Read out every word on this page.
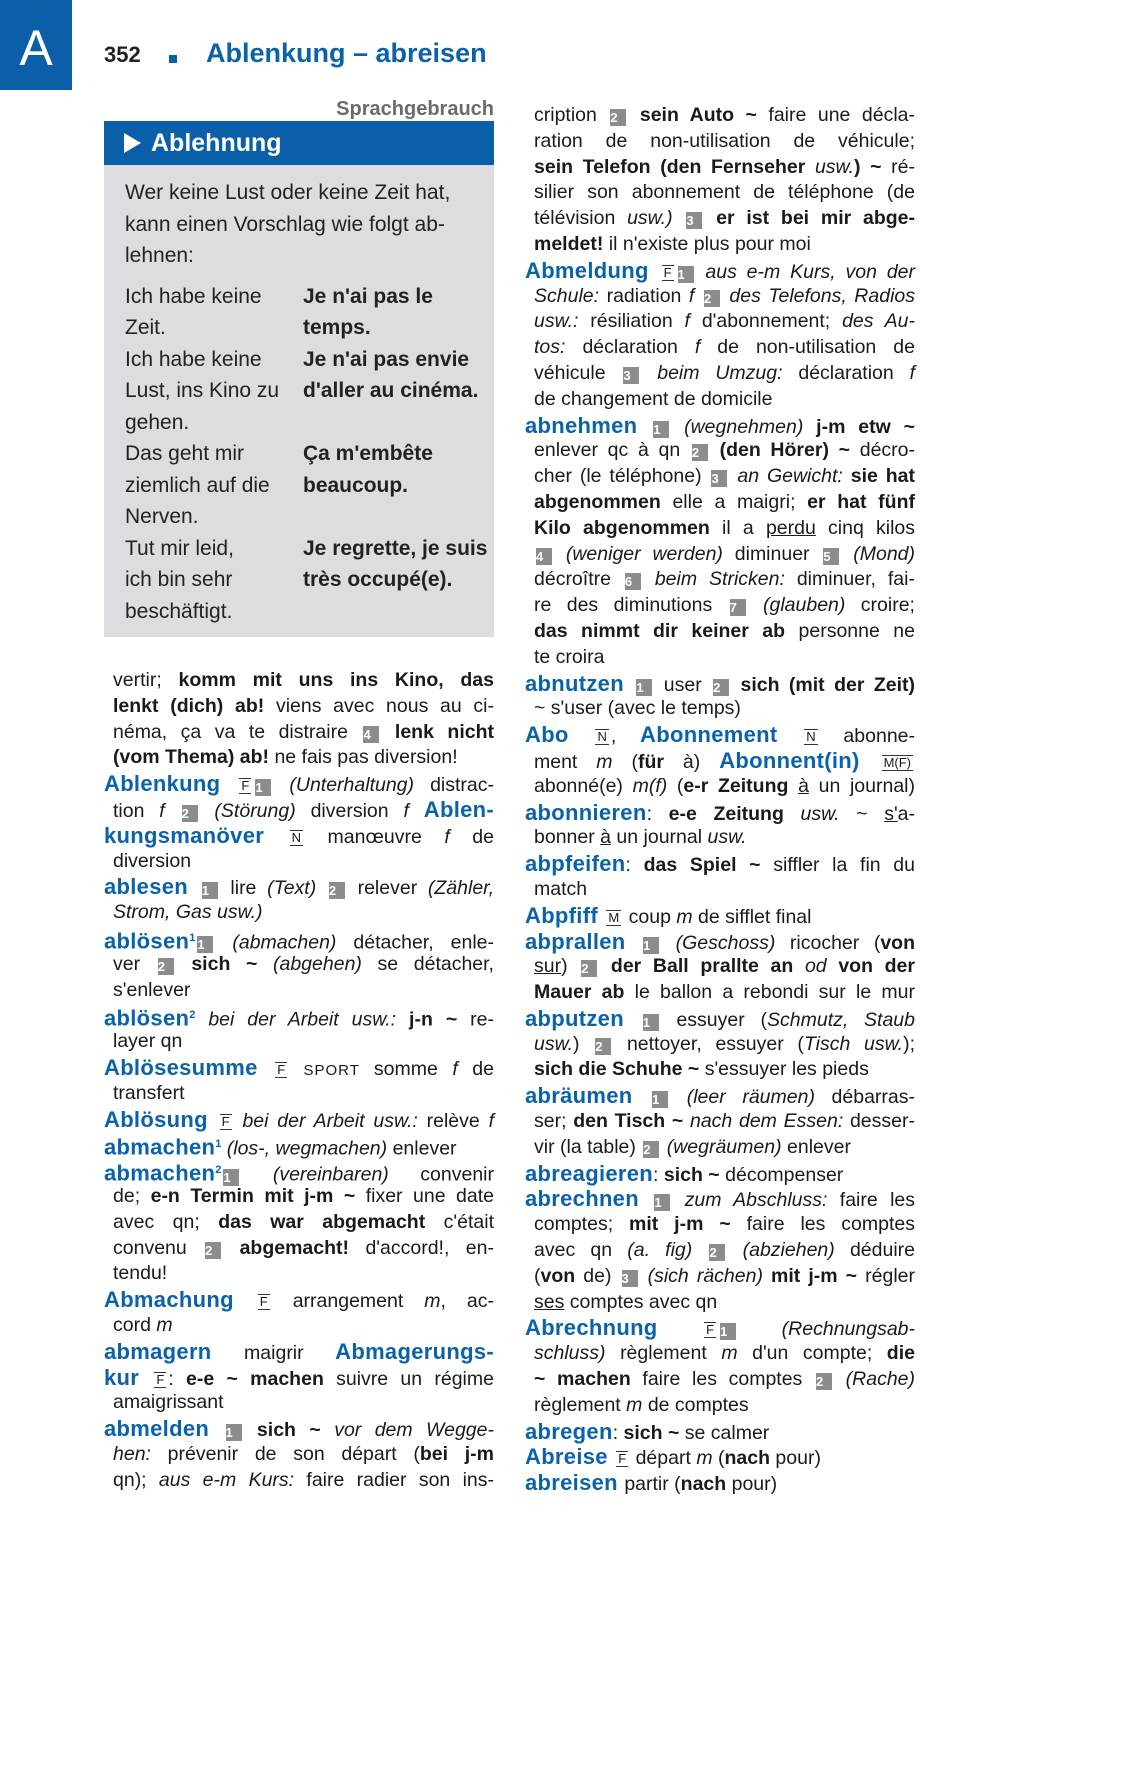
A	352 Ablenkung – abreisen
Sprachgebrauch
Ablehnung
Wer keine Lust oder keine Zeit hat,
kann einen Vorschlag wie folgt ab-
lehnen:
Ich habe keine
Zeit.
Je n'ai pas le
temps.
Ich habe keine
Lust, ins Kino zu
gehen.
Je n'ai pas envie
d'aller au cinéma.
Das geht mir
ziemlich auf die
Nerven.
Ça m'embête
beaucoup.
Tut mir leid,
ich bin sehr
beschäftigt.
Je regrette, je suis
très occupé(e).
vertir; komm mit uns ins Kino, das
lenkt (dich) ab! viens avec nous au ci-
néma, ça va te distraire 4 lenk nicht
(vom Thema) ab! ne fais pas diversion!
Ablenkung F 1 (Unterhaltung) distrac-
tion f 2 (Störung) diversion f Ablen-
kungsmanöver N manœuvre f de
diversion
ablesen 1 lire (Text) 2 relever (Zähler,
Strom, Gas usw.)
ablösen$^1$ 1 (abmachen) détacher, enle-
ver 2 sich ~ (abgehen) se détacher,
s'enlever
ablösen$^2$ bei der Arbeit usw.: j-n ~ re-
layer qn
Ablösesumme F SPORT somme f de
transfert
Ablösung F bei der Arbeit usw.: relève f
abmachen$^1$ (los-, wegmachen) enlever
abmachen$^2$ 1 (vereinbaren) convenir
de; e-n Termin mit j-m ~ fixer une date
avec qn; das war abgemacht c'était
convenu 2 abgemacht! d'accord!, en-
tendu!
Abmachung F arrangement m, ac-
cord m
abmagern maigrir Abmagerungs-
kur F : e-e ~ machen suivre un régime
amaigrissant
abmelden 1 sich ~ vor dem Wegge-
hen: prévenir de son départ (bei j-m
qn); aus e-m Kurs: faire radier son ins-
cription 2 sein Auto ~ faire une décla-
ration de non-utilisation de véhicule;
sein Telefon (den Fernseher usw.) ~ ré-
silier son abonnement de téléphone (de
télévision usw.) 3 er ist bei mir abge-
meldet! il n'existe plus pour moi
Abmeldung F 1 aus e-m Kurs, von der
Schule: radiation f 2 des Telefons, Radios
usw.: résiliation f d'abonnement; des Au-
tos: déclaration f de non-utilisation de
véhicule 3 beim Umzug: déclaration f
de changement de domicile
abnehmen 1 (wegnehmen) j-m etw ~
enlever qc à qn 2 (den Hörer) ~ décro-
cher (le téléphone) 3 an Gewicht: sie hat
abgenommen elle a maigri; er hat fünf
Kilo abgenommen il a perdu cinq kilos
4 (weniger werden) diminuer 5 (Mond)
décroître 6 beim Stricken: diminuer, fai-
re des diminutions 7 (glauben) croire;
das nimmt dir keiner ab personne ne
te croira
abnutzen 1 user 2 sich (mit der Zeit)
~ s'user (avec le temps)
Abo N , Abonnement N abonne-
ment m (für à) Abonnent(in) M(F)
abonné(e) m(f) (e-r Zeitung à un journal)
abonnieren: e-e Zeitung usw. ~ s'a-
bonner à un journal usw.
abpfeifen: das Spiel ~ siffler la fin du
match
Abpfiff M coup m de sifflet final
abprallen 1 (Geschoss) ricocher (von
sur) 2 der Ball prallte an od von der
Mauer ab le ballon a rebondi sur le mur
abputzen 1 essuyer (Schmutz, Staub
usw.) 2 nettoyer, essuyer (Tisch usw.);
sich die Schuhe ~ s'essuyer les pieds
abräumen 1 (leer räumen) débarras-
ser; den Tisch ~ nach dem Essen: desser-
vir (la table) 2 (wegräumen) enlever
abreagieren: sich ~ décompenser
abrechnen 1 zum Abschluss: faire les
comptes; mit j-m ~ faire les comptes
avec qn (a. fig) 2 (abziehen) déduire
(von de) 3 (sich rächen) mit j-m ~ régler
ses comptes avec qn
Abrechnung F 1 (Rechnungsab-
schluss) règlement m d'un compte; die
~ machen faire les comptes 2 (Rache)
règlement m de comptes
abregen: sich ~ se calmer
Abreise F départ m (nach pour)
abreisen partir (nach pour)
